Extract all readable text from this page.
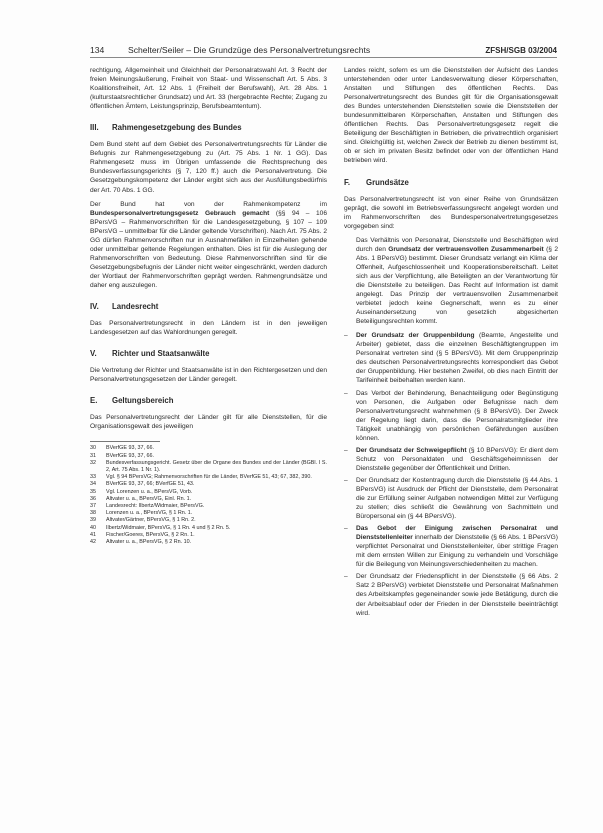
134	Schelter/Seiler – Die Grundzüge des Personalvertretungsrechts	ZFSH/SGB 03/2004

rechtigung, Allgemeinheit und Gleichheit der Personalratswahl Art. 3 Recht der freien Meinungsäußerung, Freiheit von Staat- und Wissenschaft Art. 5 Abs. 3 Koalitionsfreiheit, Art. 12 Abs. 1 (Freiheit der Berufswahl), Art. 28 Abs. 1 (kulturstaatsrechtlicher Grundsatz) und Art. 33 (hergebrachte Rechte; Zugang zu öffentlichen Ämtern, Leistungsprinzip, Berufsbeamtentum).

III.	Rahmengesetzgebung des Bundes

Dem Bund steht auf dem Gebiet des Personalvertretungsrechts für Länder die Befugnis zur Rahmengesetzgebung zu (Art. 75 Abs. 1 Nr. 1 GG). Das Rahmengesetz muss im Übrigen umfassende die Rechtsprechung des Bundesverfassungsgerichts (§ 7, 120 ff.) auch die Personalvertretung. Die Gesetzgebungskompetenz der Länder ergibt sich aus der Ausfüllungsbedürfnis der Art. 70 Abs. 1 GG.

Der Bund hat von der Rahmenkompetenz im Bundespersonalvertretungsgesetz Gebrauch gemacht (§§ 94 – 106 BPersVG – Rahmenvorschriften für die Landesgesetzgebung, § 107 – 109 BPersVG – unmittelbar für die Länder geltende Vorschriften). Nach Art. 75 Abs. 2 GG dürfen Rahmenvorschriften nur in Ausnahmefällen in Einzelheiten gehende oder unmittelbar geltende Regelungen enthalten. Dies ist für die Auslegung der Rahmenvorschriften von Bedeutung. Diese Rahmenvorschriften sind für die Gesetzgebungsbefugnis der Länder nicht weiter eingeschränkt, werden dadurch der Wortlaut der Rahmenvorschriften geprägt werden. Rahmengrundsätze und daher eng auszulegen.

IV.	Landesrecht

Das Personalvertretungsrecht in den Ländern ist in den jeweiligen Landesgesetzen auf das Wahlordnungen geregelt.

V.	Richter und Staatsanwälte

Die Vertretung der Richter und Staatsanwälte ist in den Richtergesetzen und den Personalvertretungsgesetzen der Länder geregelt.

E.	Geltungsbereich

Das Personalvertretungsrecht der Länder gilt für alle Dienststellen, für die Organisationsgewalt des jeweiligen

30	BVerfGE 93, 37, 66.
31	BVerfGE 93, 37, 66.
32	Bundesverfassungsgericht. Gesetz über die Organe des Bundes und der Länder (BGBl. I S. 2, Art. 75 Abs. 1 Nr. 1).
33	Vgl. § 94 BPersVG; Rahmenvorschriften für die Länder, BVerfGE 51, 43; 67, 382, 390.
34	BVerfGE 93, 37, 66; BVerfGE 51, 43.
35	Vgl. Lorenzen u. a., BPersVG, Vorb.
36	Altvater u. a., BPersVG, Einl. Rn. 1.
37	Landesrecht: Ilbertz/Widmaier, BPersVG.
38	Lorenzen u. a., BPersVG, § 1 Rn. 1.
39	Altvater/Gärtner, BPersVG, § 1 Rn. 2.
40	Ilbertz/Widmaier, BPersVG, § 1 Rn. 4 und § 2 Rn. 5.
41	Fischer/Goeres, BPersVG, § 2 Rn. 1.
42	Altvater u. a., BPersVG, § 2 Rn. 10.

Landes reicht, sofern es um die Dienststellen der Aufsicht des Landes unterstehenden oder unter Landesverwaltung dieser Körperschaften, Anstalten und Stiftungen des öffentlichen Rechts. Das Personalvertretungsrecht des Bundes gilt für die Organisationsgewalt des Bundes unterstehenden Dienststellen sowie die Dienststellen der bundesunmittelbaren Körperschaften, Anstalten und Stiftungen des öffentlichen Rechts. Das Personalvertretungsgesetz regelt die Beteiligung der Beschäftigten in Betrieben, die privatrechtlich organisiert sind. Gleichgültig ist, welchen Zweck der Betrieb zu dienen bestimmt ist, ob er sich im privaten Besitz befindet oder von der öffentlichen Hand betrieben wird.

F.	Grundsätze

Das Personalvertretungsrecht ist von einer Reihe von Grundsätzen geprägt, die sowohl im Betriebsverfassungsrecht angelegt worden und im Rahmenvorschriften des Bundespersonalvertretungsgesetzes vorgegeben sind:

Das Verhältnis von Personalrat, Dienststelle und Beschäftigten wird durch den Grundsatz der vertrauensvollen Zusammenarbeit (§ 2 Abs. 1 BPersVG) bestimmt. Dieser Grundsatz verlangt ein Klima der Offenheit, Aufgeschlossenheit und Kooperationsbereitschaft. Leitet sich aus der Verpflichtung, alle Beteiligten an der Verantwortung für die Dienststelle zu beteiligen. Das Recht auf Information ist damit angelegt. Das Prinzip der vertrauensvollen Zusammenarbeit verbietet jedoch keine Gegnerschaft, wenn es zu einer Auseinandersetzung von gesetzlich abgesicherten Beteiligungsrechten kommt.

– Der Grundsatz der Gruppenbildung (Beamte, Angestellte und Arbeiter) gebietet, dass die einzelnen Beschäftigtengruppen im Personalrat vertreten sind (§ 5 BPersVG). Mit dem Gruppenprinzip des deutschen Personalvertretungsrechts korrespondiert das Gebot der Gruppenbildung. Hier bestehen Zweifel, ob dies nach Eintritt der Tarifeinheit beibehalten werden kann.
– Das Verbot der Behinderung, Benachteiligung oder Begünstigung von Personen, die Aufgaben oder Befugnisse nach dem Personalvertretungsrecht wahrnehmen (§ 8 BPersVG). Der Zweck der Regelung liegt darin, dass die Personalratsmitglieder ihre Tätigkeit unabhängig von persönlichen Gefährdungen ausüben können.
– Der Grundsatz der Schweigepflicht (§ 10 BPersVG): Er dient dem Schutz von Personaldaten und Geschäftsgeheimnissen der Dienststelle gegenüber der Öffentlichkeit und Dritten.
– Der Grundsatz der Kostentragung durch die Dienststelle (§ 44 Abs. 1 BPersVG) ist Ausdruck der Pflicht der Dienststelle, dem Personalrat die zur Erfüllung seiner Aufgaben notwendigen Mittel zur Verfügung zu stellen; dies schließt die Gewährung von Sachmitteln und Büropersonal ein (§ 44 BPersVG).
– Das Gebot der Einigung zwischen Personalrat und Dienststellenleiter innerhalb der Dienststelle (§ 66 Abs. 1 BPersVG) verpflichtet Personalrat und Dienststellenleiter, über strittige Fragen mit dem ernsten Willen zur Einigung zu verhandeln und Vorschläge für die Beilegung von Meinungsverschiedenheiten zu machen.
– Der Grundsatz der Friedenspflicht in der Dienststelle (§ 66 Abs. 2 Satz 2 BPersVG) verbietet Dienststelle und Personalrat Maßnahmen des Arbeitskampfes gegeneinander sowie jede Betätigung, durch die der Arbeitsablauf oder der Frieden in der Dienststelle beeinträchtigt wird.
